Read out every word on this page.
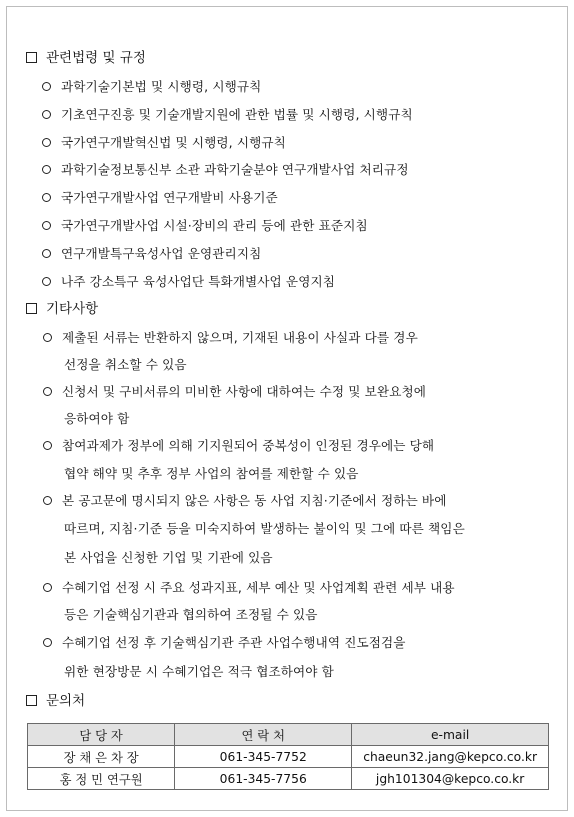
관련법령 및 규정
과학기술기본법 및 시행령, 시행규칙
기초연구진흥 및 기술개발지원에 관한 법률 및 시행령, 시행규칙
국가연구개발혁신법 및 시행령, 시행규칙
과학기술정보통신부 소관 과학기술분야 연구개발사업 처리규정
국가연구개발사업 연구개발비 사용기준
국가연구개발사업 시설·장비의 관리 등에 관한 표준지침
연구개발특구육성사업 운영관리지침
나주 강소특구 육성사업단 특화개별사업 운영지침
기타사항
제출된 서류는 반환하지 않으며, 기재된 내용이 사실과 다를 경우
선정을 취소할 수 있음
신청서 및 구비서류의 미비한 사항에 대하여는 수정 및 보완요청에
응하여야 함
참여과제가 정부에 의해 기지원되어 중복성이 인정된 경우에는 당해
협약 해약 및 추후 정부 사업의 참여를 제한할 수 있음
본 공고문에 명시되지 않은 사항은 동 사업 지침·기준에서 정하는 바에
따르며, 지침·기준 등을 미숙지하여 발생하는 불이익 및 그에 따른 책임은
본 사업을 신청한 기업 및 기관에 있음
수혜기업 선정 시 주요 성과지표, 세부 예산 및 사업계획 관련 세부 내용
등은 기술핵심기관과 협의하여 조정될 수 있음
수혜기업 선정 후 기술핵심기관 주관 사업수행내역 진도점검을
위한 현장방문 시 수혜기업은 적극 협조하여야 함
문의처
담 당 자	연 락 처	e-mail
장 채 은 차 장	061-345-7752	chaeun32.jang@kepco.co.kr
홍 정 민 연구원	061-345-7756	jgh101304@kepco.co.kr
